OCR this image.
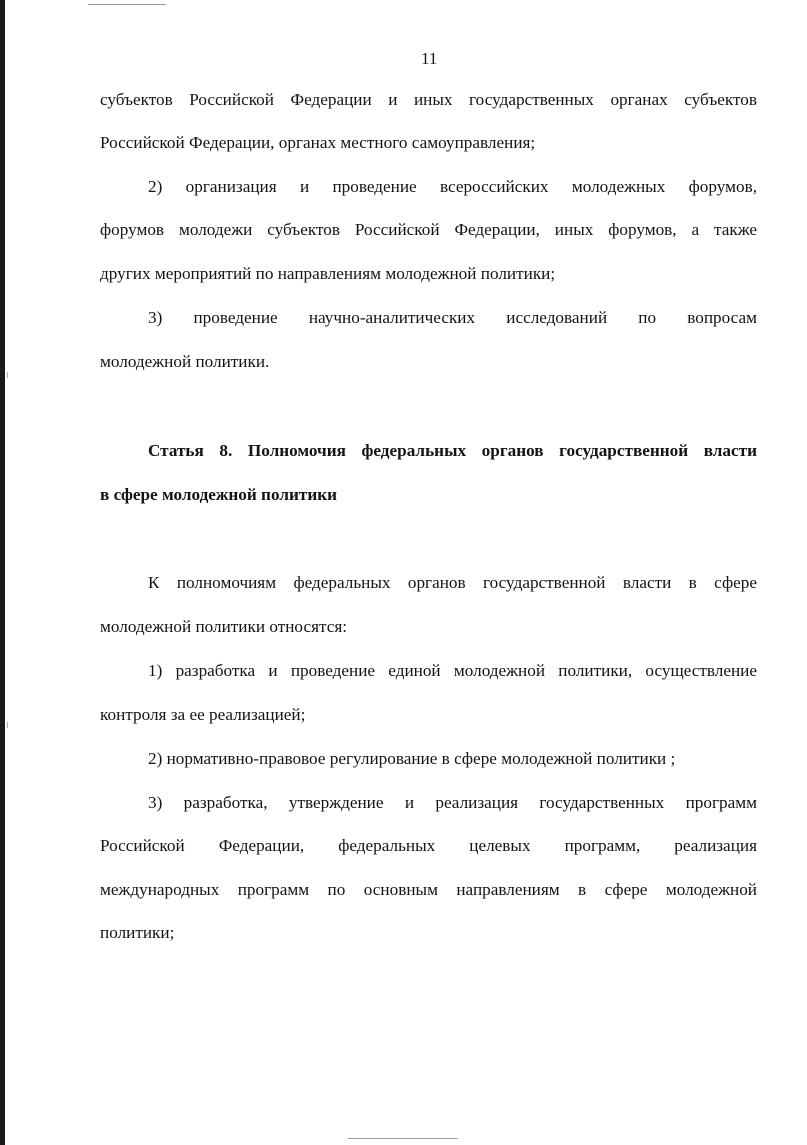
11
субъектов Российской Федерации и иных государственных органах субъектов
Российской Федерации, органах местного самоуправления;
2) организация и проведение всероссийских молодежных форумов,
форумов молодежи субъектов Российской Федерации, иных форумов, а также
других мероприятий по направлениям молодежной политики;
3) проведение научно-аналитических исследований по вопросам
молодежной политики.
Статья 8. Полномочия федеральных органов государственной власти
в сфере молодежной политики
К полномочиям федеральных органов государственной власти в сфере
молодежной политики относятся:
1) разработка и проведение единой молодежной политики, осуществление
контроля за ее реализацией;
2) нормативно-правовое регулирование в сфере молодежной политики ;
3) разработка, утверждение и реализация государственных программ
Российской Федерации, федеральных целевых программ, реализация
международных программ по основным направлениям в сфере молодежной
политики;
